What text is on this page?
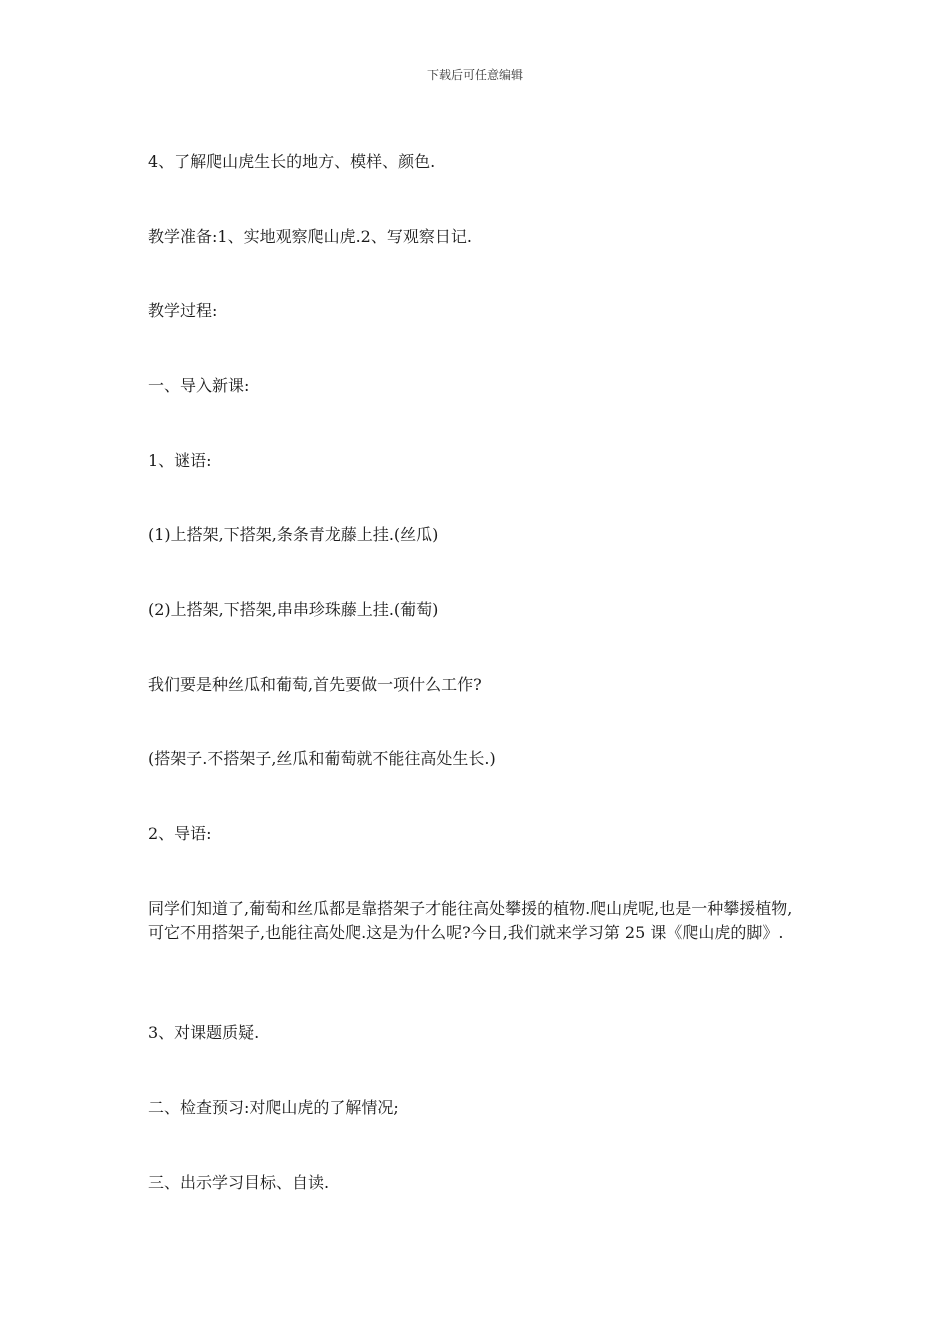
下载后可任意编辑

4、了解爬山虎生长的地方、模样、颜色.

教学准备:1、实地观察爬山虎.2、写观察日记.

教学过程:

一、导入新课:

1、谜语:

(1)上搭架,下搭架,条条青龙藤上挂.(丝瓜)

(2)上搭架,下搭架,串串珍珠藤上挂.(葡萄)

我们要是种丝瓜和葡萄,首先要做一项什么工作?

(搭架子.不搭架子,丝瓜和葡萄就不能往高处生长.)

2、导语:

同学们知道了,葡萄和丝瓜都是靠搭架子才能往高处攀援的植物.爬山虎呢,也是一种攀援植物,可它不用搭架子,也能往高处爬.这是为什么呢?今日,我们就来学习第 25 课《爬山虎的脚》.

3、对课题质疑.

二、检查预习:对爬山虎的了解情况;

三、出示学习目标、自读.
